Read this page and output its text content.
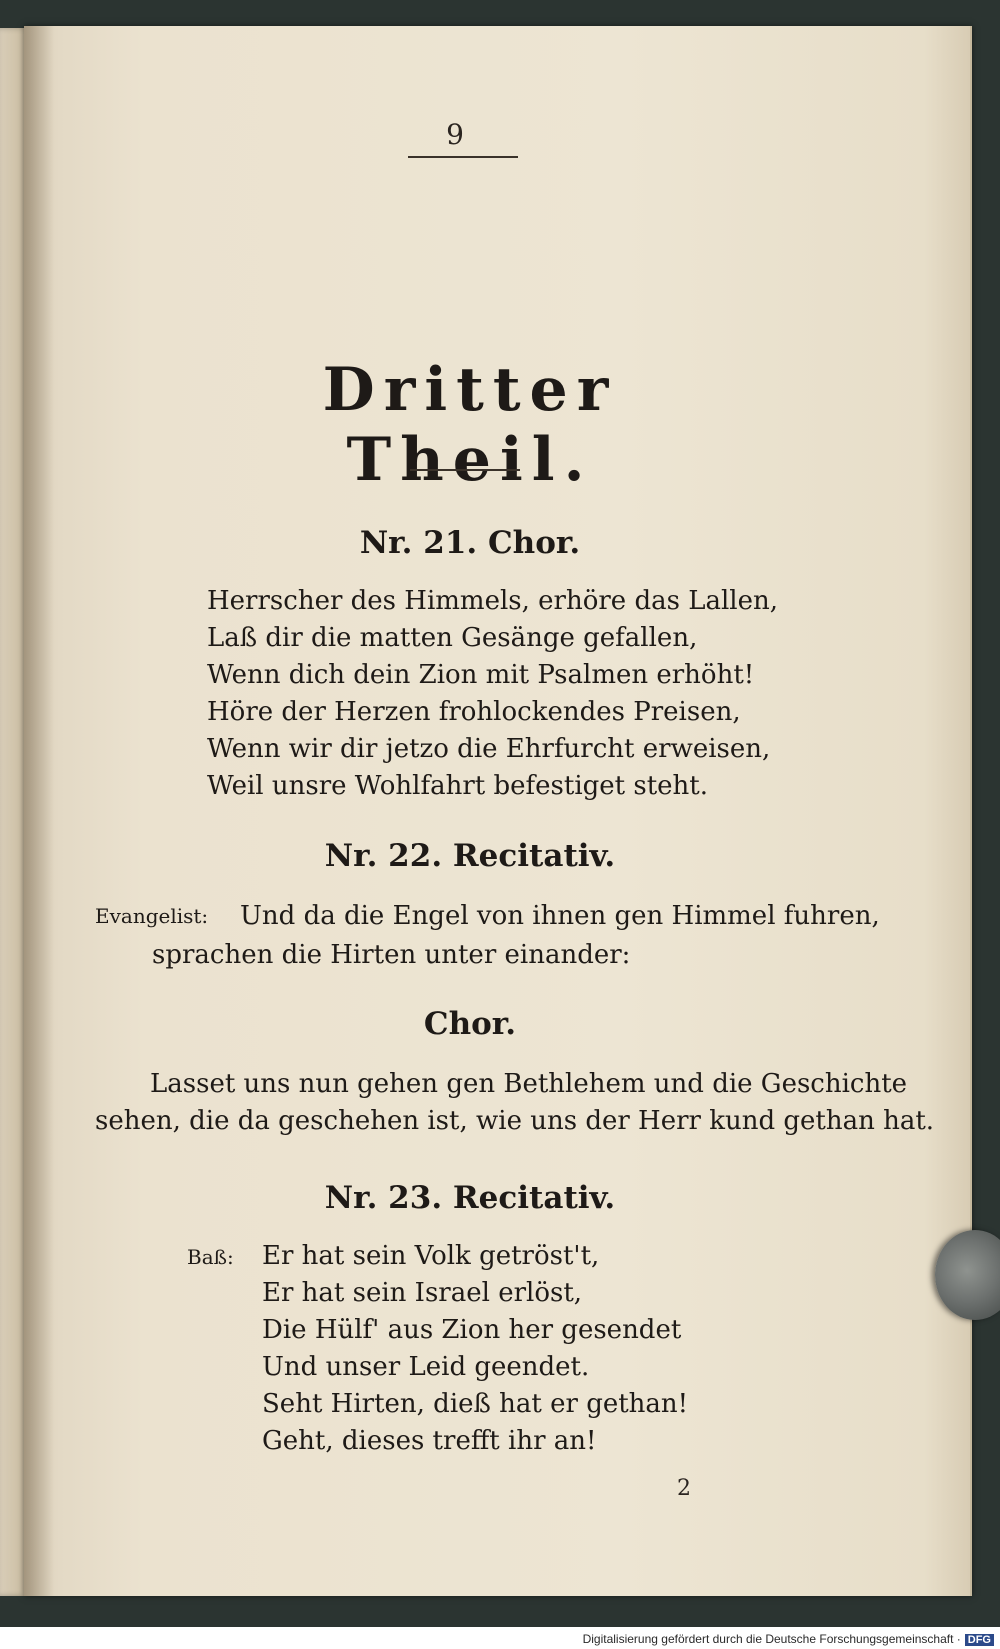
9
Dritter Theil.
Nr. 21. Chor.
Herrscher des Himmels, erhöre das Lallen,
Laß dir die matten Gesänge gefallen,
Wenn dich dein Zion mit Psalmen erhöht!
Höre der Herzen frohlockendes Preisen,
Wenn wir dir jetzo die Ehrfurcht erweisen,
Weil unsre Wohlfahrt befestiget steht.
Nr. 22. Recitativ.
Evangelist: Und da die Engel von ihnen gen Himmel fuhren,
sprachen die Hirten unter einander:
Chor.
Lasset uns nun gehen gen Bethlehem und die Geschichte
sehen, die da geschehen ist, wie uns der Herr kund gethan hat.
Nr. 23. Recitativ.
Baß: Er hat sein Volk getröst't,
Er hat sein Israel erlöst,
Die Hülf' aus Zion her gesendet
Und unser Leid geendet.
Seht Hirten, dieß hat er gethan!
Geht, dieses trefft ihr an!
2
Digitalisierung gefördert durch die Deutsche Forschungsgemeinschaft · DFG
